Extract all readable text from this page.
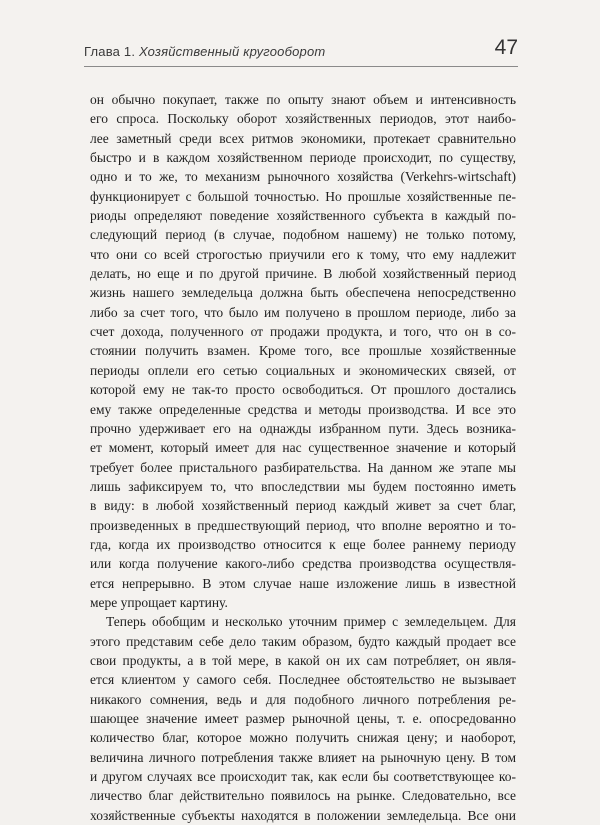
Глава 1. Хозяйственный кругооборот	47
он обычно покупает, также по опыту знают объем и интенсивность
его спроса. Поскольку оборот хозяйственных периодов, этот наибо-
лее заметный среди всех ритмов экономики, протекает сравнительно
быстро и в каждом хозяйственном периоде происходит, по существу,
одно и то же, то механизм рыночного хозяйства (Verkehrs-wirtschaft)
функционирует с большой точностью. Но прошлые хозяйственные пе-
риоды определяют поведение хозяйственного субъекта в каждый по-
следующий период (в случае, подобном нашему) не только потому,
что они со всей строгостью приучили его к тому, что ему надлежит
делать, но еще и по другой причине. В любой хозяйственный период
жизнь нашего земледельца должна быть обеспечена непосредственно
либо за счет того, что было им получено в прошлом периоде, либо за
счет дохода, полученного от продажи продукта, и того, что он в со-
стоянии получить взамен. Кроме того, все прошлые хозяйственные
периоды оплели его сетью социальных и экономических связей, от
которой ему не так-то просто освободиться. От прошлого достались
ему также определенные средства и методы производства. И все это
прочно удерживает его на однажды избранном пути. Здесь возника-
ет момент, который имеет для нас существенное значение и который
требует более пристального разбирательства. На данном же этапе мы
лишь зафиксируем то, что впоследствии мы будем постоянно иметь
в виду: в любой хозяйственный период каждый живет за счет благ,
произведенных в предшествующий период, что вполне вероятно и то-
гда, когда их производство относится к еще более раннему периоду
или когда получение какого-либо средства производства осуществля-
ется непрерывно. В этом случае наше изложение лишь в известной
мере упрощает картину.
Теперь обобщим и несколько уточним пример с земледельцем. Для
этого представим себе дело таким образом, будто каждый продает все
свои продукты, а в той мере, в какой он их сам потребляет, он явля-
ется клиентом у самого себя. Последнее обстоятельство не вызывает
никакого сомнения, ведь и для подобного личного потребления ре-
шающее значение имеет размер рыночной цены, т. е. опосредованно
количество благ, которое можно получить снижая цену; и наоборот,
величина личного потребления также влияет на рыночную цену. В том
и другом случаях все происходит так, как если бы соответствующее ко-
личество благ действительно появилось на рынке. Следовательно, все
хозяйственные субъекты находятся в положении земледельца. Все они
